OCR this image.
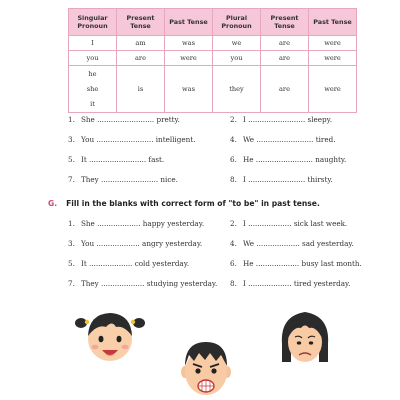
Singular Pronoun	Present Tense	Past Tense	Plural Pronoun	Present Tense	Past Tense
I	am	was	we	are	were
you	are	were	you	are	were

he
she
it	is	was	they	are	were
1. She ......................... pretty.	2. I ......................... sleepy.
3. You ......................... intelligent.	4. We ......................... tired.
5. It ......................... fast.	6. He ......................... naughty.
7. They ......................... nice.	8. I ......................... thirsty.
G. Fill in the blanks with correct form of "to be" in past tense.
1. She ................... happy yesterday.	2. I ................... sick last week.
3. You ................... angry yesterday.	4. We ................... sad yesterday.
5. It ................... cold yesterday.	6. He ................... busy last month.
7. They ................... studying yesterday. 8. I ................... tired yesterday.
